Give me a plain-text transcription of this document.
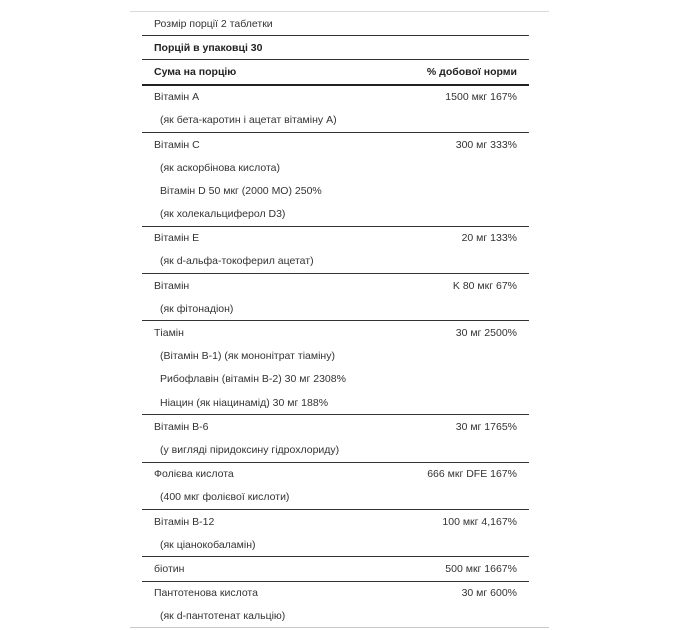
Розмір порції 2 таблетки
Порцій в упаковці 30
Сума на порцію	% добової норми
Вітамін A	1500 мкг 167%
(як бета-каротин і ацетат вітаміну A)
Вітамін C	300 мг 333%
(як аскорбінова кислота)
Вітамін D 50 мкг (2000 МО) 250%
(як холекальциферол D3)
Вітамін E	20 мг 133%
(як d-альфа-токоферил ацетат)
Вітамін	K 80 мкг 67%
(як фітонадіон)
Тіамін	30 мг 2500%
(Вітамін B-1) (як мононітрат тіаміну)
Рибофлавін (вітамін B-2) 30 мг 2308%
Ніацин (як ніацинамід) 30 мг 188%
Вітамін B-6	30 мг 1765%
(у вигляді піридоксину гідрохлориду)
Фолієва кислота	666 мкг DFE 167%
(400 мкг фолієвої кислоти)
Вітамін B-12	100 мкг 4,167%
(як ціанокобаламін)
біотин	500 мкг 1667%
Пантотенова кислота	30 мг 600%
(як d-пантотенат кальцію)
